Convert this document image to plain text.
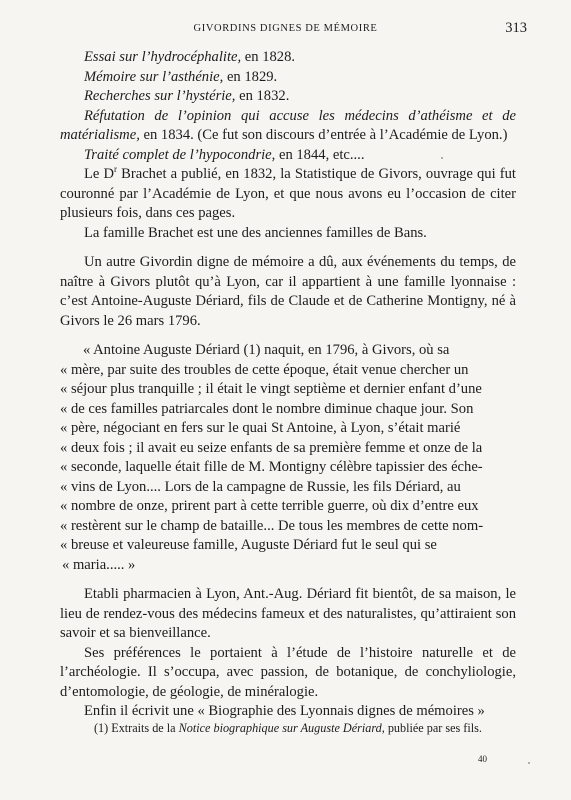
GIVORDINS DIGNES DE MÉMOIRE	313

Essai sur l’hydrocéphalite, en 1828.

Mémoire sur l’asthénie, en 1829.

Recherches sur l’hystérie, en 1832.

Réfutation de l’opinion qui accuse les médecins d’athéisme et de matérialisme, en 1834. (Ce fut son discours d’entrée à l’Académie de Lyon.)

Traité complet de l’hypocondrie, en 1844, etc....

Le $D^r$ Brachet a publié, en 1832, la Statistique de Givors, ouvrage qui fut couronné par l’Académie de Lyon, et que nous avons eu l’occasion de citer plusieurs fois, dans ces pages.

La famille Brachet est une des anciennes familles de Bans.

Un autre Givordin digne de mémoire a dû, aux événements du temps, de naître à Givors plutôt qu’à Lyon, car il appartient à une famille lyonnaise : c’est Antoine-Auguste Dériard, fils de Claude et de Catherine Montigny, né à Givors le 26 mars 1796.

« Antoine Auguste Dériard (1) naquit, en 1796, à Givors, où sa
« mère, par suite des troubles de cette époque, était venue chercher un
« séjour plus tranquille ; il était le vingt septième et dernier enfant d’une
« de ces familles patriarcales dont le nombre diminue chaque jour. Son
« père, négociant en fers sur le quai St Antoine, à Lyon, s’était marié
« deux fois ; il avait eu seize enfants de sa première femme et onze de la
« seconde, laquelle était fille de M. Montigny célèbre tapissier des éche-
« vins de Lyon.... Lors de la campagne de Russie, les fils Dériard, au
« nombre de onze, prirent part à cette terrible guerre, où dix d’entre eux
« restèrent sur le champ de bataille... De tous les membres de cette nom-
« breuse et valeureuse famille, Auguste Dériard fut le seul qui se
« maria..... »

Etabli pharmacien à Lyon, Ant.-Aug. Dériard fit bientôt, de sa maison, le lieu de rendez-vous des médecins fameux et des naturalistes, qu’attiraient son savoir et sa bienveillance.

Ses préférences le portaient à l’étude de l’histoire naturelle et de l’archéologie. Il s’occupa, avec passion, de botanique, de conchyliologie, d’entomologie, de géologie, de minéralogie.

Enfin il écrivit une « Biographie des Lyonnais dignes de mémoires »

(1) Extraits de la Notice biographique sur Auguste Dériard, publiée par ses fils.
40
